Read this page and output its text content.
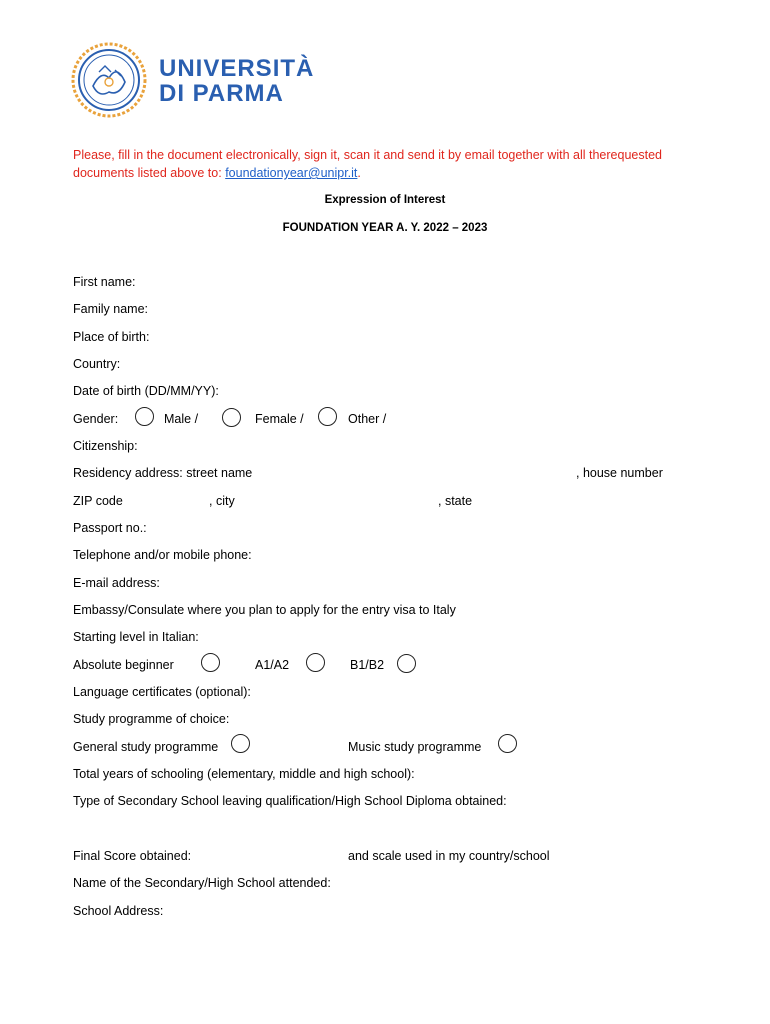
UNIVERSITÀ
DI PARMA
Please, fill in the document electronically, sign it, scan it and send it by email together with all therequested documents listed above to: foundationyear@unipr.it.
Expression of Interest
FOUNDATION YEAR A. Y. 2022 – 2023
First name:
Family name:
Place of birth:
Country:
Date of birth (DD/MM/YY):
Gender:	Male /	Female /	Other /
Citizenship:
Residency address: street name	, house number
ZIP code	, city	, state
Passport no.:
Telephone and/or mobile phone:
E-mail address:
Embassy/Consulate where you plan to apply for the entry visa to Italy
Starting level in Italian:
Absolute beginner	A1/A2	B1/B2
Language certificates (optional):
Study programme of choice:
General study programme	Music study programme
Total years of schooling (elementary, middle and high school):
Type of Secondary School leaving qualification/High School Diploma obtained:
Final Score obtained:	and scale used in my country/school
Name of the Secondary/High School attended:
School Address:
